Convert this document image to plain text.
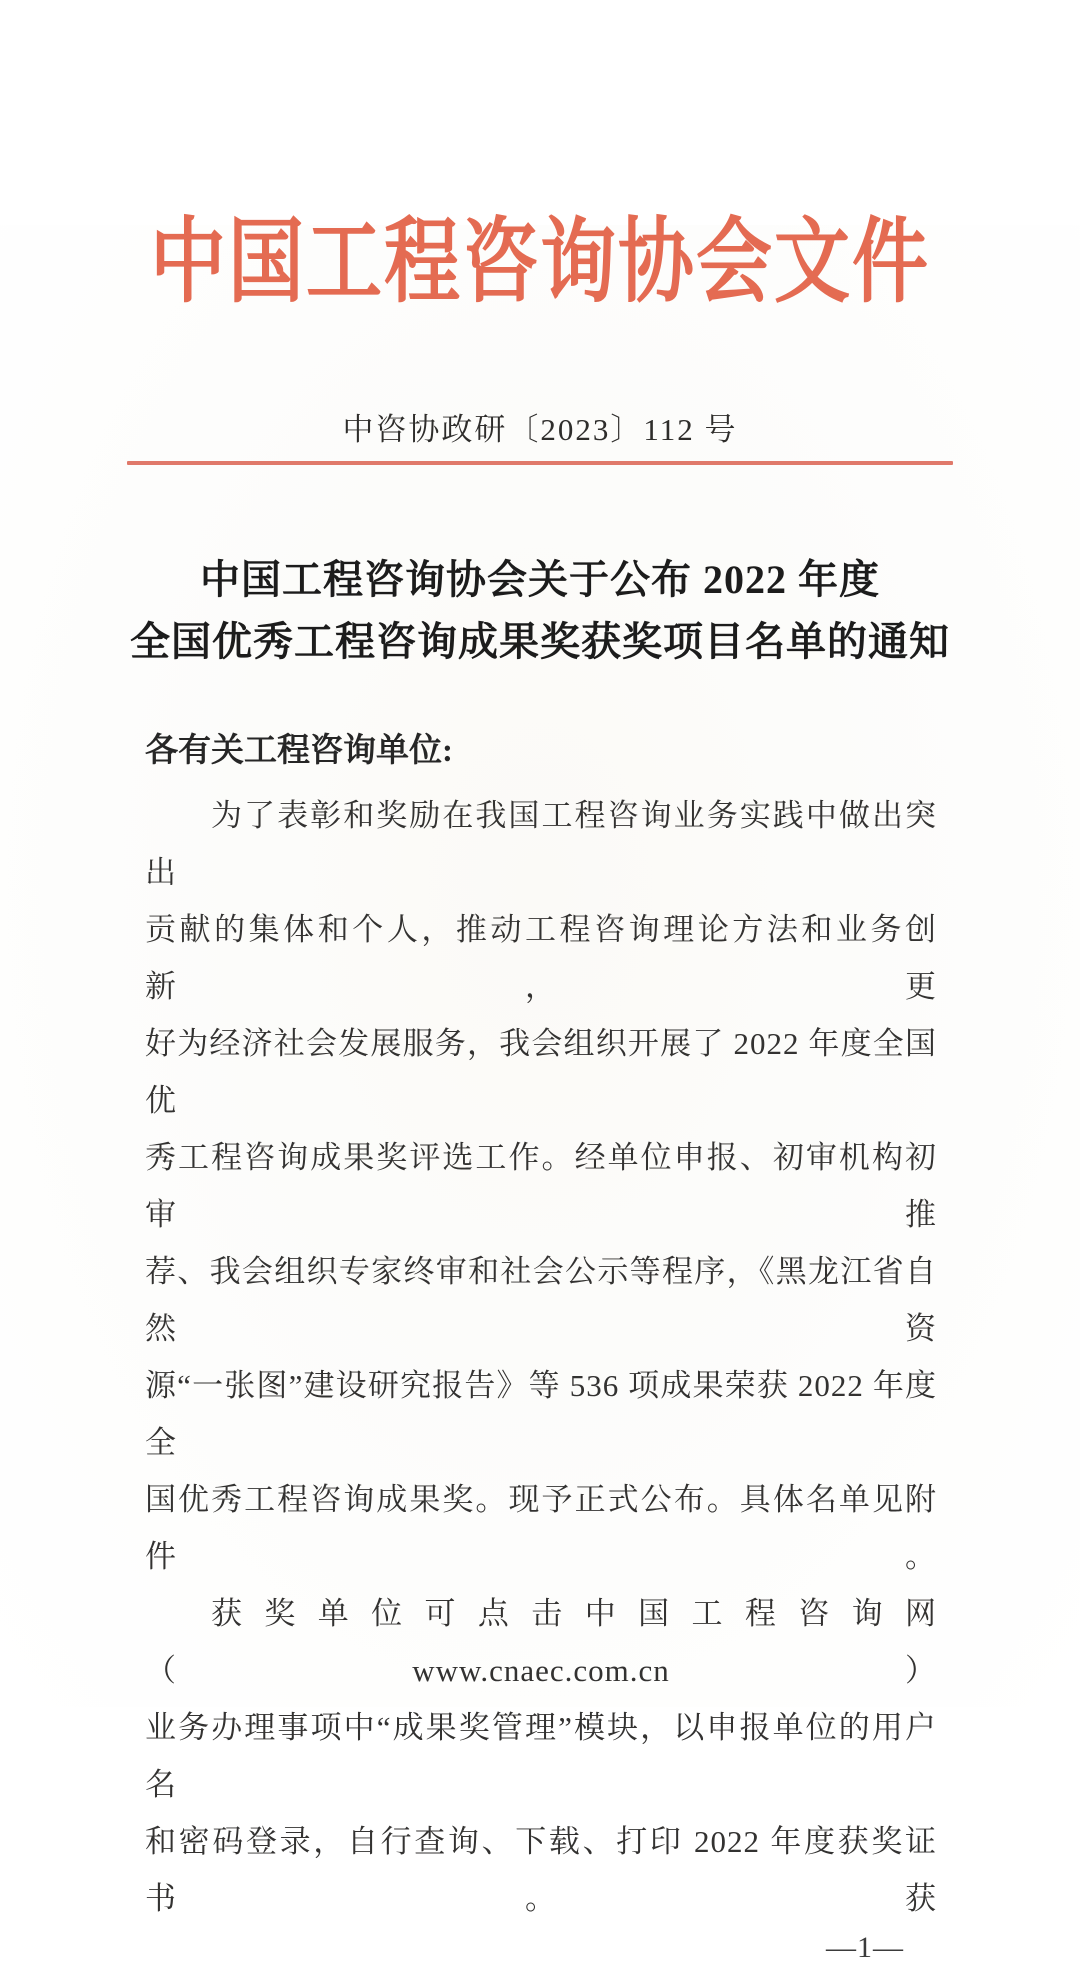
中国工程咨询协会文件
中咨协政研〔2023〕112 号
中国工程咨询协会关于公布 2022 年度
全国优秀工程咨询成果奖获奖项目名单的通知
各有关工程咨询单位:
为了表彰和奖励在我国工程咨询业务实践中做出突出
贡献的集体和个人，推动工程咨询理论方法和业务创新，更
好为经济社会发展服务，我会组织开展了 2022 年度全国优
秀工程咨询成果奖评选工作。经单位申报、初审机构初审推
荐、我会组织专家终审和社会公示等程序，《黑龙江省自然资
源“一张图”建设研究报告》等 536 项成果荣获 2022 年度全
国优秀工程咨询成果奖。现予正式公布。具体名单见附件。
获奖单位可点击中国工程咨询网（www.cnaec.com.cn）
业务办理事项中“成果奖管理”模块，以申报单位的用户名
和密码登录，自行查询、下载、打印 2022 年度获奖证书。获
—1—
